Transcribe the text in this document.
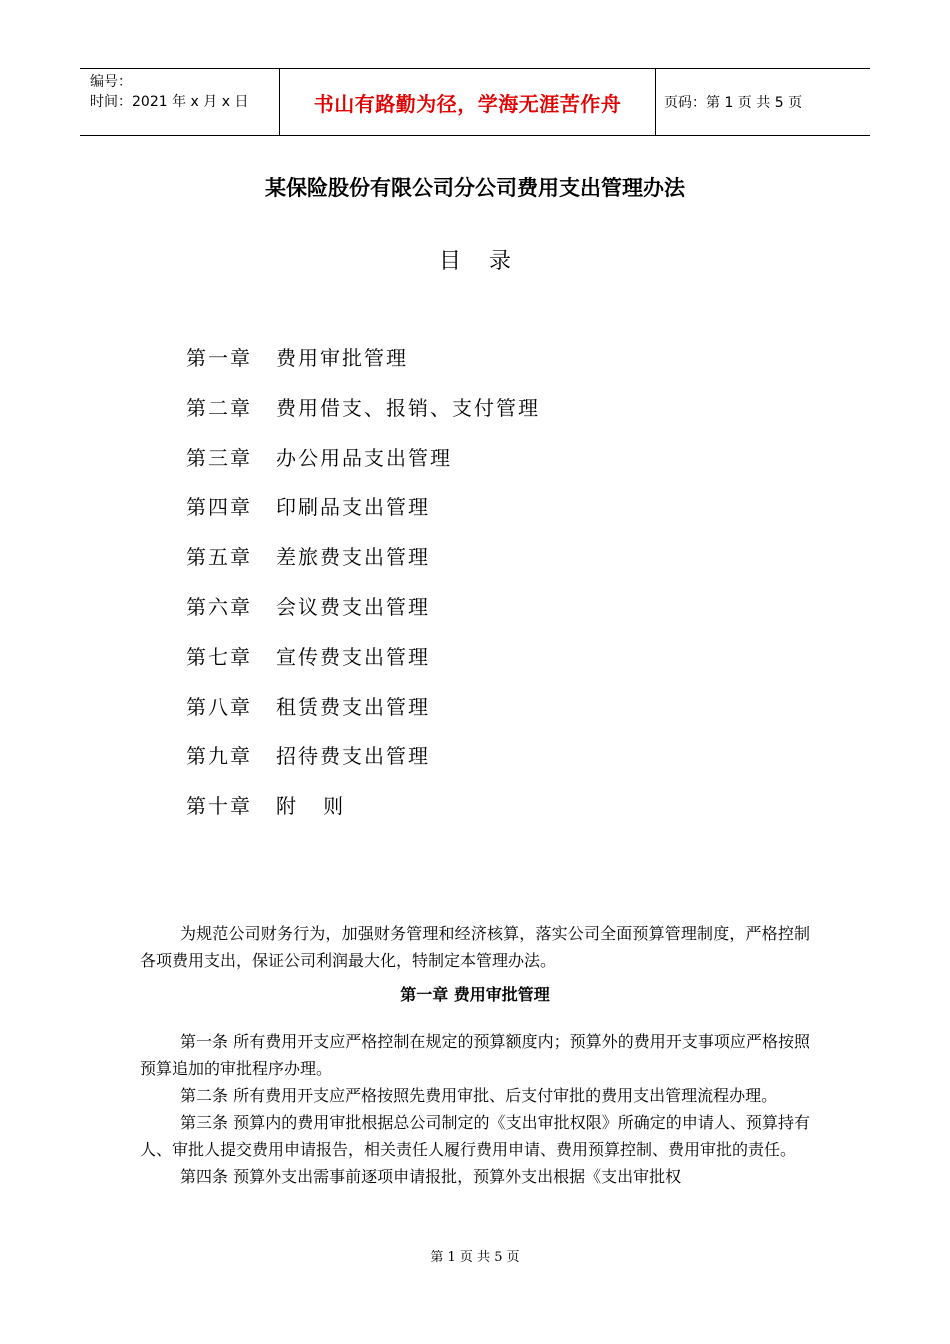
编号：
时间：2021 年 x 月 x 日	书山有路勤为径，学海无涯苦作舟	页码：第 1 页 共 5 页
某保险股份有限公司分公司费用支出管理办法
目录
第一章	费用审批管理
第二章	费用借支、报销、支付管理
第三章	办公用品支出管理
第四章	印刷品支出管理
第五章	差旅费支出管理
第六章	会议费支出管理
第七章	宣传费支出管理
第八章	租赁费支出管理
第九章	招待费支出管理
第十章	附   则

为规范公司财务行为，加强财务管理和经济核算，落实公司全面预算管理制度，严格控制各项费用支出，保证公司利润最大化，特制定本管理办法。

第一章 费用审批管理

第一条 所有费用开支应严格控制在规定的预算额度内；预算外的费用开支事项应严格按照预算追加的审批程序办理。

第二条 所有费用开支应严格按照先费用审批、后支付审批的费用支出管理流程办理。

第三条 预算内的费用审批根据总公司制定的《支出审批权限》所确定的申请人、预算持有人、审批人提交费用申请报告，相关责任人履行费用申请、费用预算控制、费用审批的责任。

第四条 预算外支出需事前逐项申请报批，预算外支出根据《支出审批权

第 1 页 共 5 页
